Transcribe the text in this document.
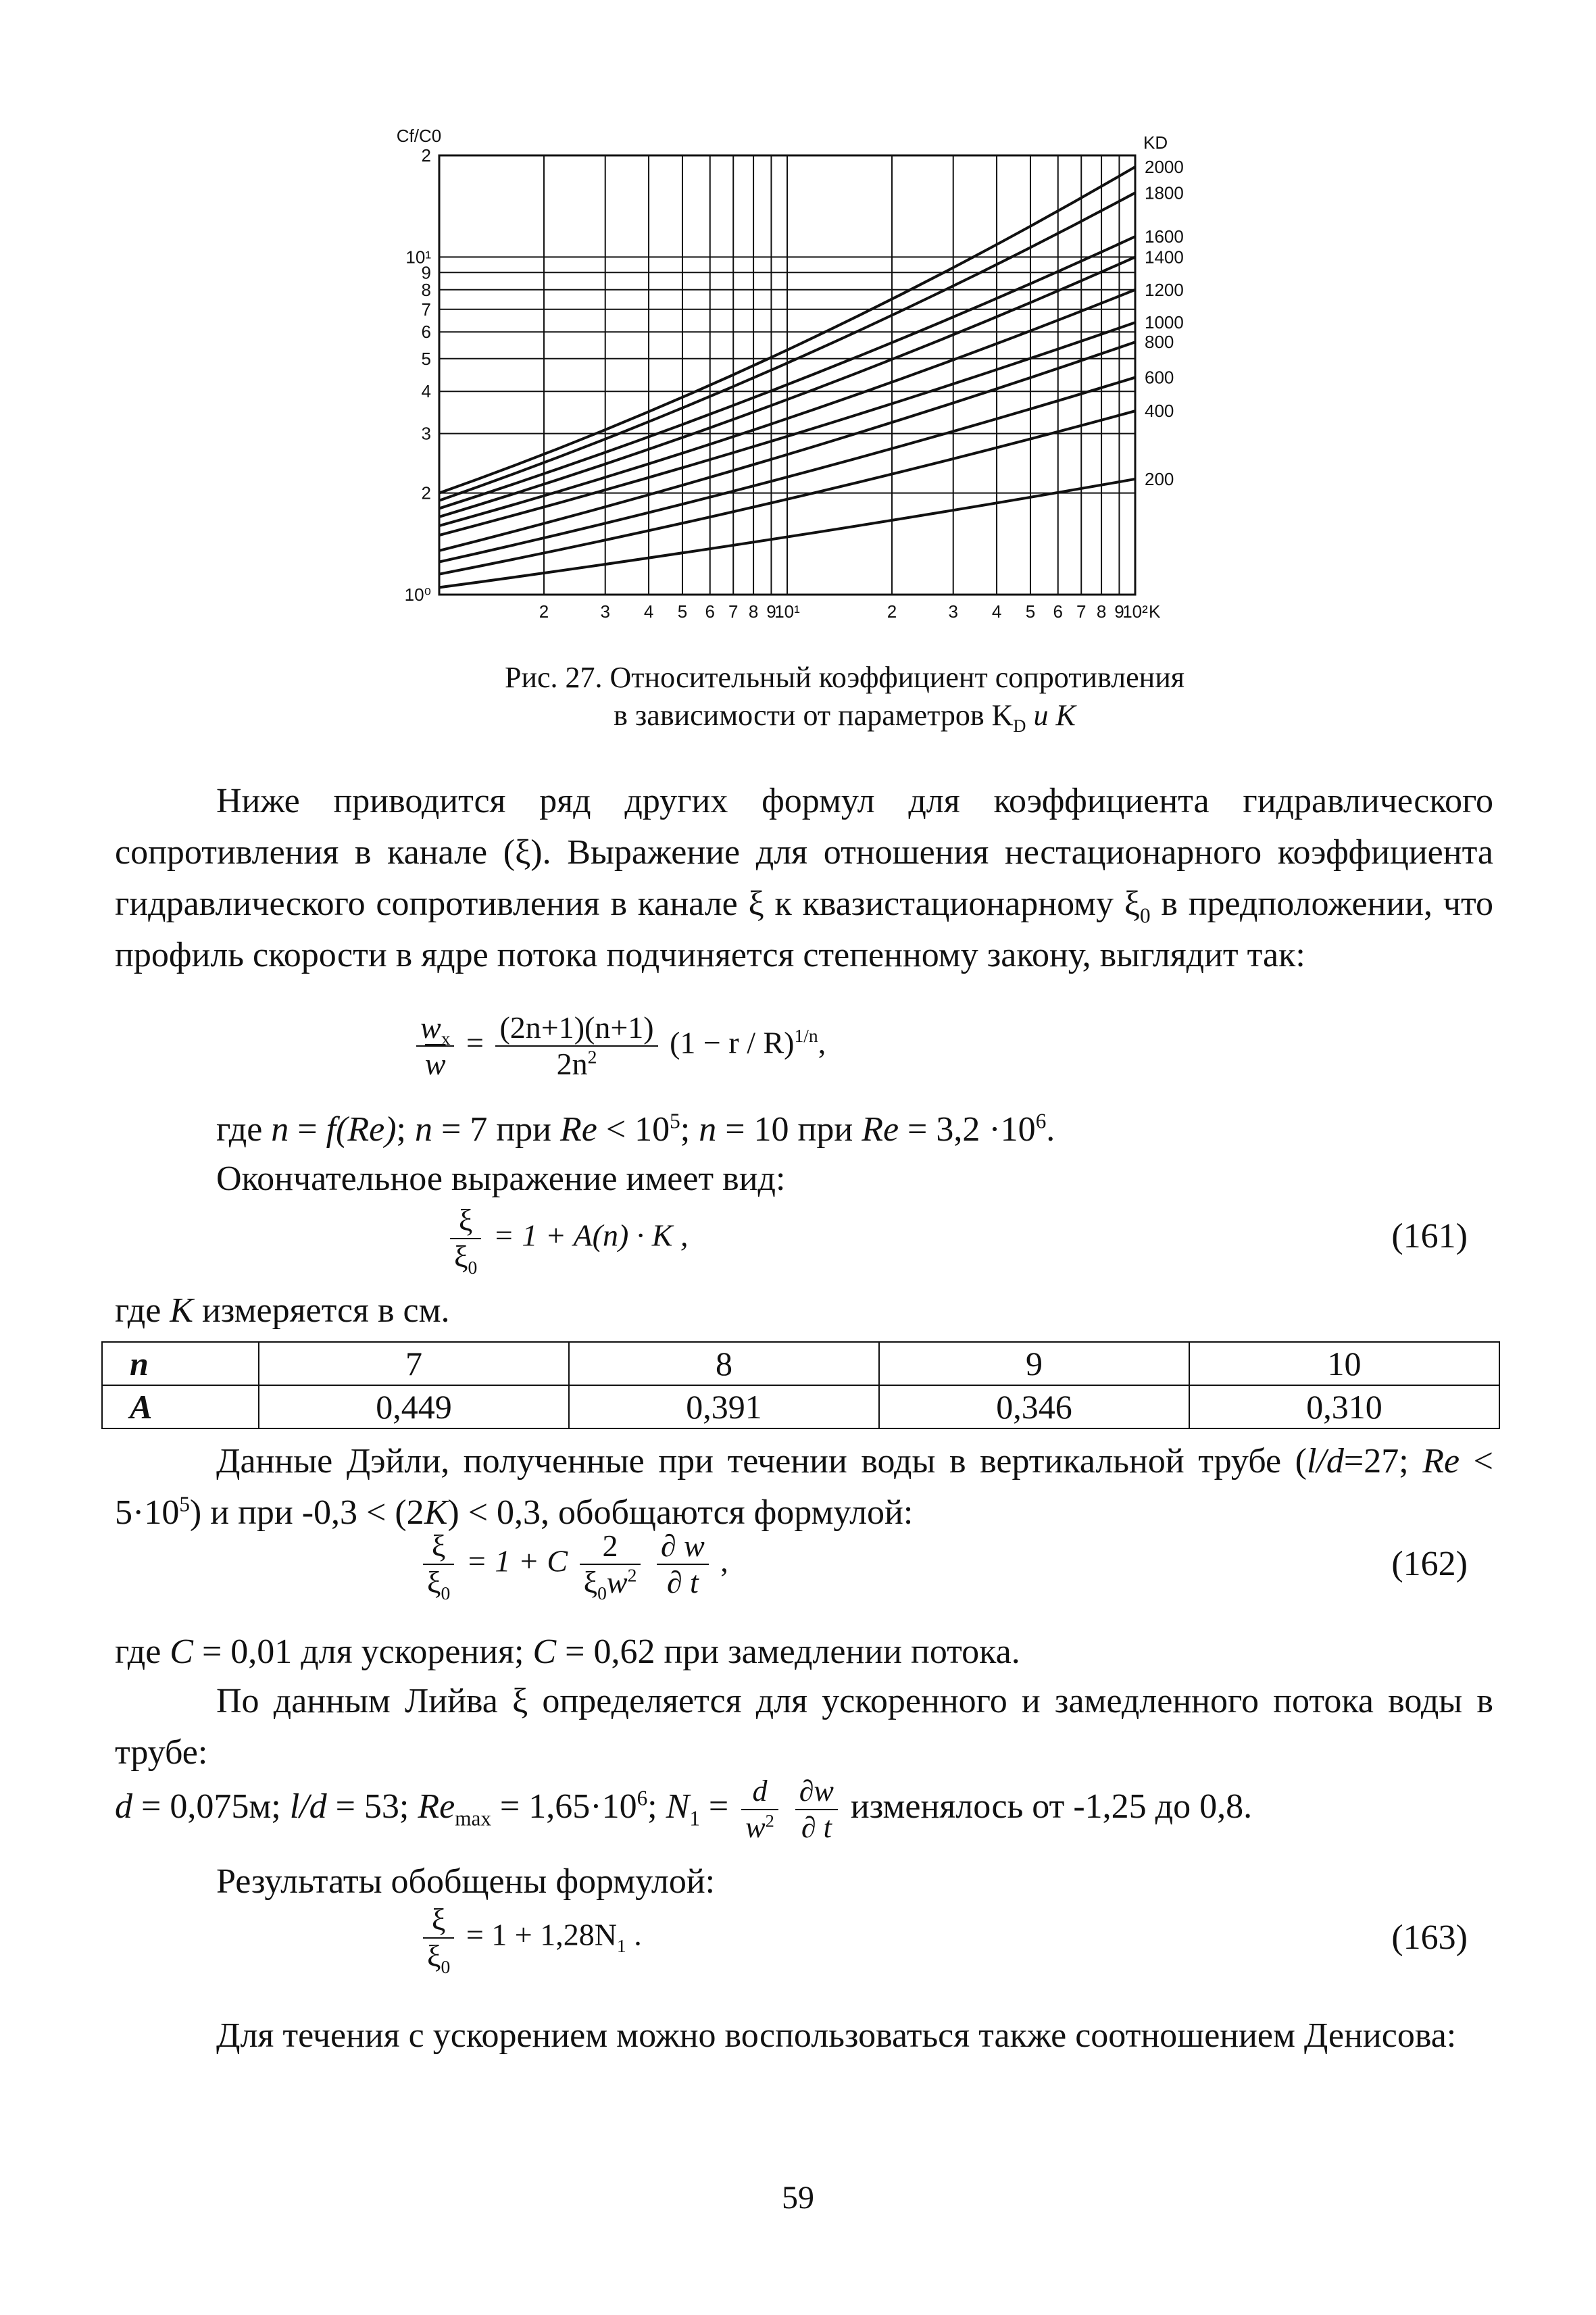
2	3 4 5 6 7 8 9
10¹	2	3 4 5 6 7 8 9
10²
10⁰
2
3
4
5
6
7
8
9
10¹
2
Cf/C0
K
KD
200
400
600
800
1000
1200
1400
1600
1800
2000
Рис. 27. Относительный коэффициент сопротивления
в зависимости от параметров $K_D$ и K
Ниже приводится ряд других формул для коэффициента гидравлического сопротивления в канале (ξ). Выражение для отношения нестационарного коэффициента гидравлического сопротивления в канале ξ к квазистационарному $\xi_0$ в предположении, что профиль скорости в ядре потока подчиняется степенному закону, выглядит так:
$\frac{w_x}{w} = \frac{(2n+1)(n+1)}{2n^2} (1 - r / R)^{1/n}$,
где n = f(Re); n = 7 при $Re < 10^5$; n = 10 при $Re = 3,2 \cdot 10^6$.
Окончательное выражение имеет вид:
$\frac{\xi}{\xi_0} = 1 + A(n) \cdot K$ ,	(161)
где K измеряется в см.
n	7	8	9	10
A	0,449	0,391	0,346	0,310
Данные Дэйли, полученные при течении воды в вертикальной трубе (l/d=27; $Re < 5\cdot 10^5$) и при -0,3 < (2K) < 0,3, обобщаются формулой:
$\frac{\xi}{\xi_0} = 1 + C \frac{2}{\xi_0w^2}$
$\frac{\partial w}{\partial t}$ ,	(162)
где C = 0,01 для ускорения; C = 0,62 при замедлении потока.
По данным Лийва ξ определяется для ускоренного и замедленного потока воды в трубе:
d = 0,075м; l/d = 53; $Re_{max} = 1,65\cdot 10^6$; $N_1 = \frac{d}{w^2}$
$\frac{\partial w}{\partial t}$ изменялось от -1,25 до 0,8.
Результаты обобщены формулой:
$\frac{\xi}{\xi_0} = 1 + 1,28N_1$ .	(163)
Для течения с ускорением можно воспользоваться также соотношением Денисова:
59
